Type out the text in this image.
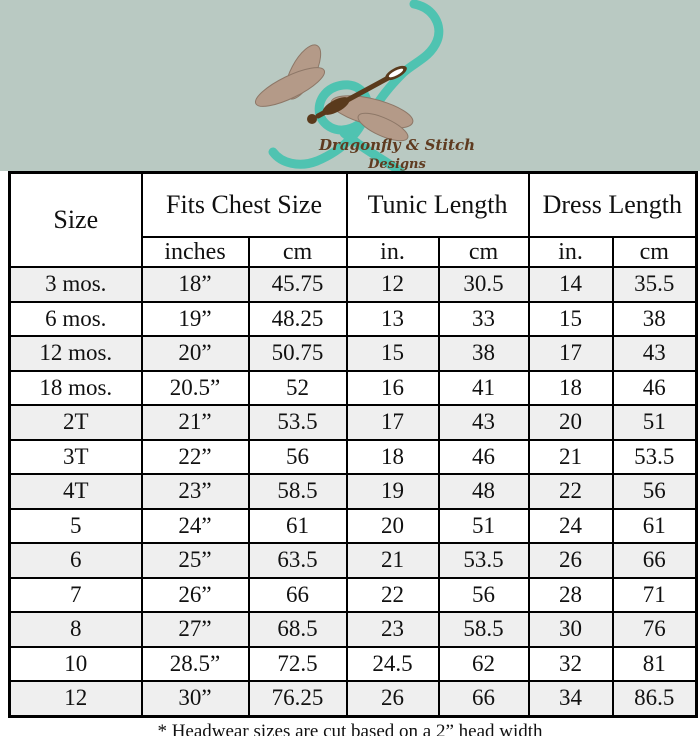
Dragonfly & Stitch
Designs
Size	Fits Chest Size		Tunic Length		Dress Length	
	inches	cm	in.	cm	in.	cm
3 mos.	18”	45.75	12	30.5	14	35.5
6 mos.	19”	48.25	13	33	15	38
12 mos.	20”	50.75	15	38	17	43
18 mos.	20.5”	52	16	41	18	46
2T	21”	53.5	17	43	20	51
3T	22”	56	18	46	21	53.5
4T	23”	58.5	19	48	22	56
5	24”	61	20	51	24	61
6	25”	63.5	21	53.5	26	66
7	26”	66	22	56	28	71
8	27”	68.5	23	58.5	30	76
10	28.5”	72.5	24.5	62	32	81
12	30”	76.25	26	66	34	86.5
* Headwear sizes are cut based on a 2” head width
